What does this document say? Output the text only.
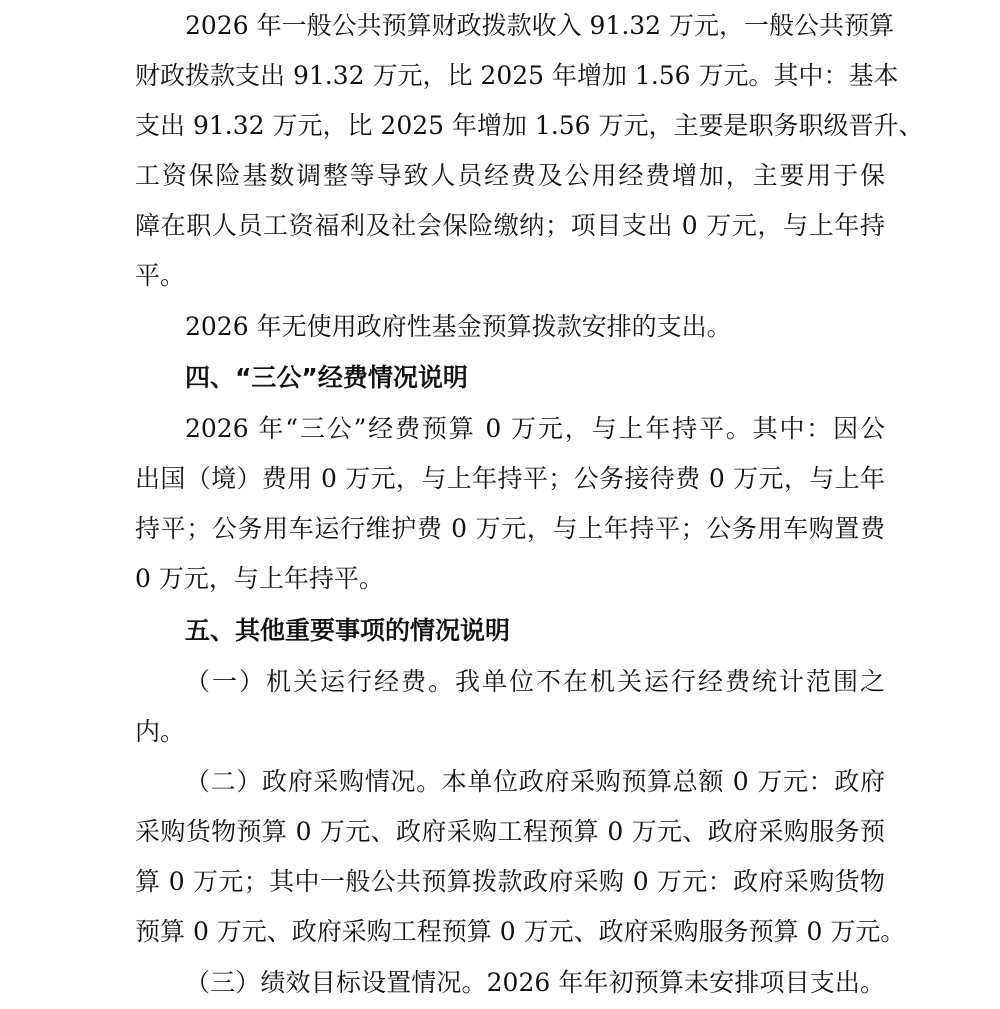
2026 年一般公共预算财政拨款收入 91.32 万元，一般公共预算
财政拨款支出 91.32 万元，比 2025 年增加 1.56 万元。其中：基本
支出 91.32 万元，比 2025 年增加 1.56 万元，主要是职务职级晋升、
工资保险基数调整等导致人员经费及公用经费增加，主要用于保
障在职人员工资福利及社会保险缴纳；项目支出 0 万元，与上年持
平。
2026 年无使用政府性基金预算拨款安排的支出。
四、“三公”经费情况说明
2026 年“三公”经费预算 0 万元，与上年持平。其中：因公
出国（境）费用 0 万元，与上年持平；公务接待费 0 万元，与上年
持平；公务用车运行维护费 0 万元，与上年持平；公务用车购置费
0 万元，与上年持平。
五、其他重要事项的情况说明
（一）机关运行经费。我单位不在机关运行经费统计范围之
内。
（二）政府采购情况。本单位政府采购预算总额 0 万元：政府
采购货物预算 0 万元、政府采购工程预算 0 万元、政府采购服务预
算 0 万元；其中一般公共预算拨款政府采购 0 万元：政府采购货物
预算 0 万元、政府采购工程预算 0 万元、政府采购服务预算 0 万元。
（三）绩效目标设置情况。2026 年年初预算未安排项目支出。
